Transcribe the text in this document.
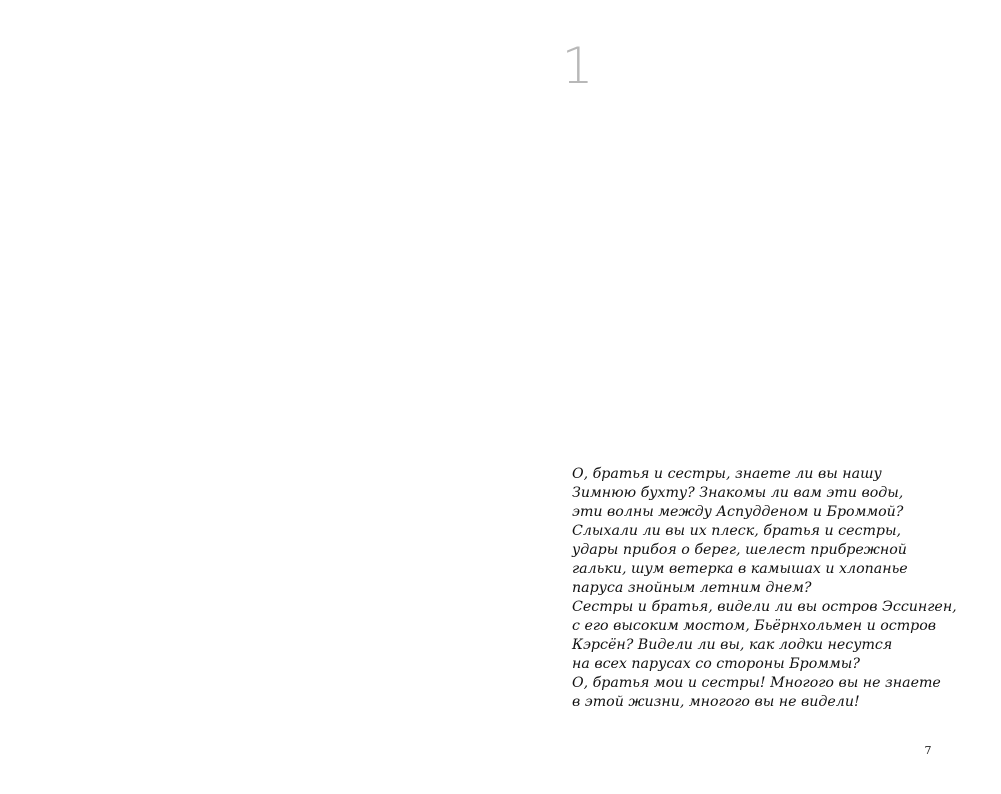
1
О, братья и сестры, знаете ли вы нашу
Зимнюю бухту? Знакомы ли вам эти воды,
эти волны между Аспудденом и Броммой?
Слыхали ли вы их плеск, братья и сестры,
удары прибоя о берег, шелест прибрежной
гальки, шум ветерка в камышах и хлопанье
паруса знойным летним днем?
Сестры и братья, видели ли вы остров Эссинген,
с его высоким мостом, Бьёрнхольмен и остров
Кэрсён? Видели ли вы, как лодки несутся
на всех парусах со стороны Броммы?
О, братья мои и сестры! Многого вы не знаете
в этой жизни, многого вы не видели!
7
